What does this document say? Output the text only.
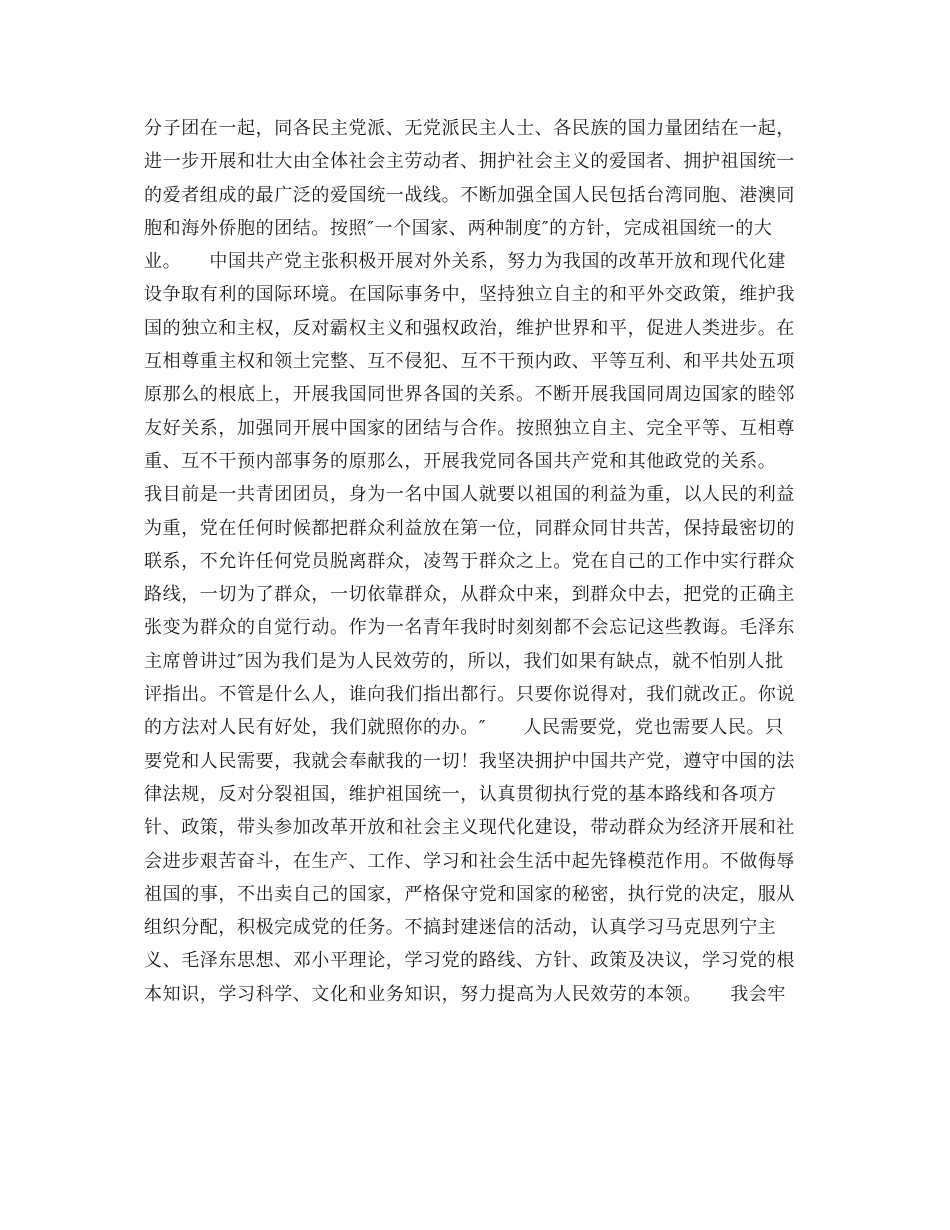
分子团在一起，同各民主党派、无党派民主人士、各民族的国力量团结在一起，
进一步开展和壮大由全体社会主劳动者、拥护社会主义的爱国者、拥护祖国统一
的爱者组成的最广泛的爱国统一战线。不断加强全国人民包括台湾同胞、港澳同
胞和海外侨胞的团结。按照″一个国家、两种制度″的方针，完成祖国统一的大
业。　　中国共产党主张积极开展对外关系，努力为我国的改革开放和现代化建
设争取有利的国际环境。在国际事务中，坚持独立自主的和平外交政策，维护我
国的独立和主权，反对霸权主义和强权政治，维护世界和平，促进人类进步。在
互相尊重主权和领土完整、互不侵犯、互不干预内政、平等互利、和平共处五项
原那么的根底上，开展我国同世界各国的关系。不断开展我国同周边国家的睦邻
友好关系，加强同开展中国家的团结与合作。按照独立自主、完全平等、互相尊
重、互不干预内部事务的原那么，开展我党同各国共产党和其他政党的关系。
我目前是一共青团团员，身为一名中国人就要以祖国的利益为重，以人民的利益
为重，党在任何时候都把群众利益放在第一位，同群众同甘共苦，保持最密切的
联系，不允许任何党员脱离群众，凌驾于群众之上。党在自己的工作中实行群众
路线，一切为了群众，一切依靠群众，从群众中来，到群众中去，把党的正确主
张变为群众的自觉行动。作为一名青年我时时刻刻都不会忘记这些教诲。毛泽东
主席曾讲过″因为我们是为人民效劳的，所以，我们如果有缺点，就不怕别人批
评指出。不管是什么人，谁向我们指出都行。只要你说得对，我们就改正。你说
的方法对人民有好处，我们就照你的办。″　　人民需要党，党也需要人民。只
要党和人民需要，我就会奉献我的一切！我坚决拥护中国共产党，遵守中国的法
律法规，反对分裂祖国，维护祖国统一，认真贯彻执行党的基本路线和各项方
针、政策，带头参加改革开放和社会主义现代化建设，带动群众为经济开展和社
会进步艰苦奋斗，在生产、工作、学习和社会生活中起先锋模范作用。不做侮辱
祖国的事，不出卖自己的国家，严格保守党和国家的秘密，执行党的决定，服从
组织分配，积极完成党的任务。不搞封建迷信的活动，认真学习马克思列宁主
义、毛泽东思想、邓小平理论，学习党的路线、方针、政策及决议，学习党的根
本知识，学习科学、文化和业务知识，努力提高为人民效劳的本领。　　我会牢
